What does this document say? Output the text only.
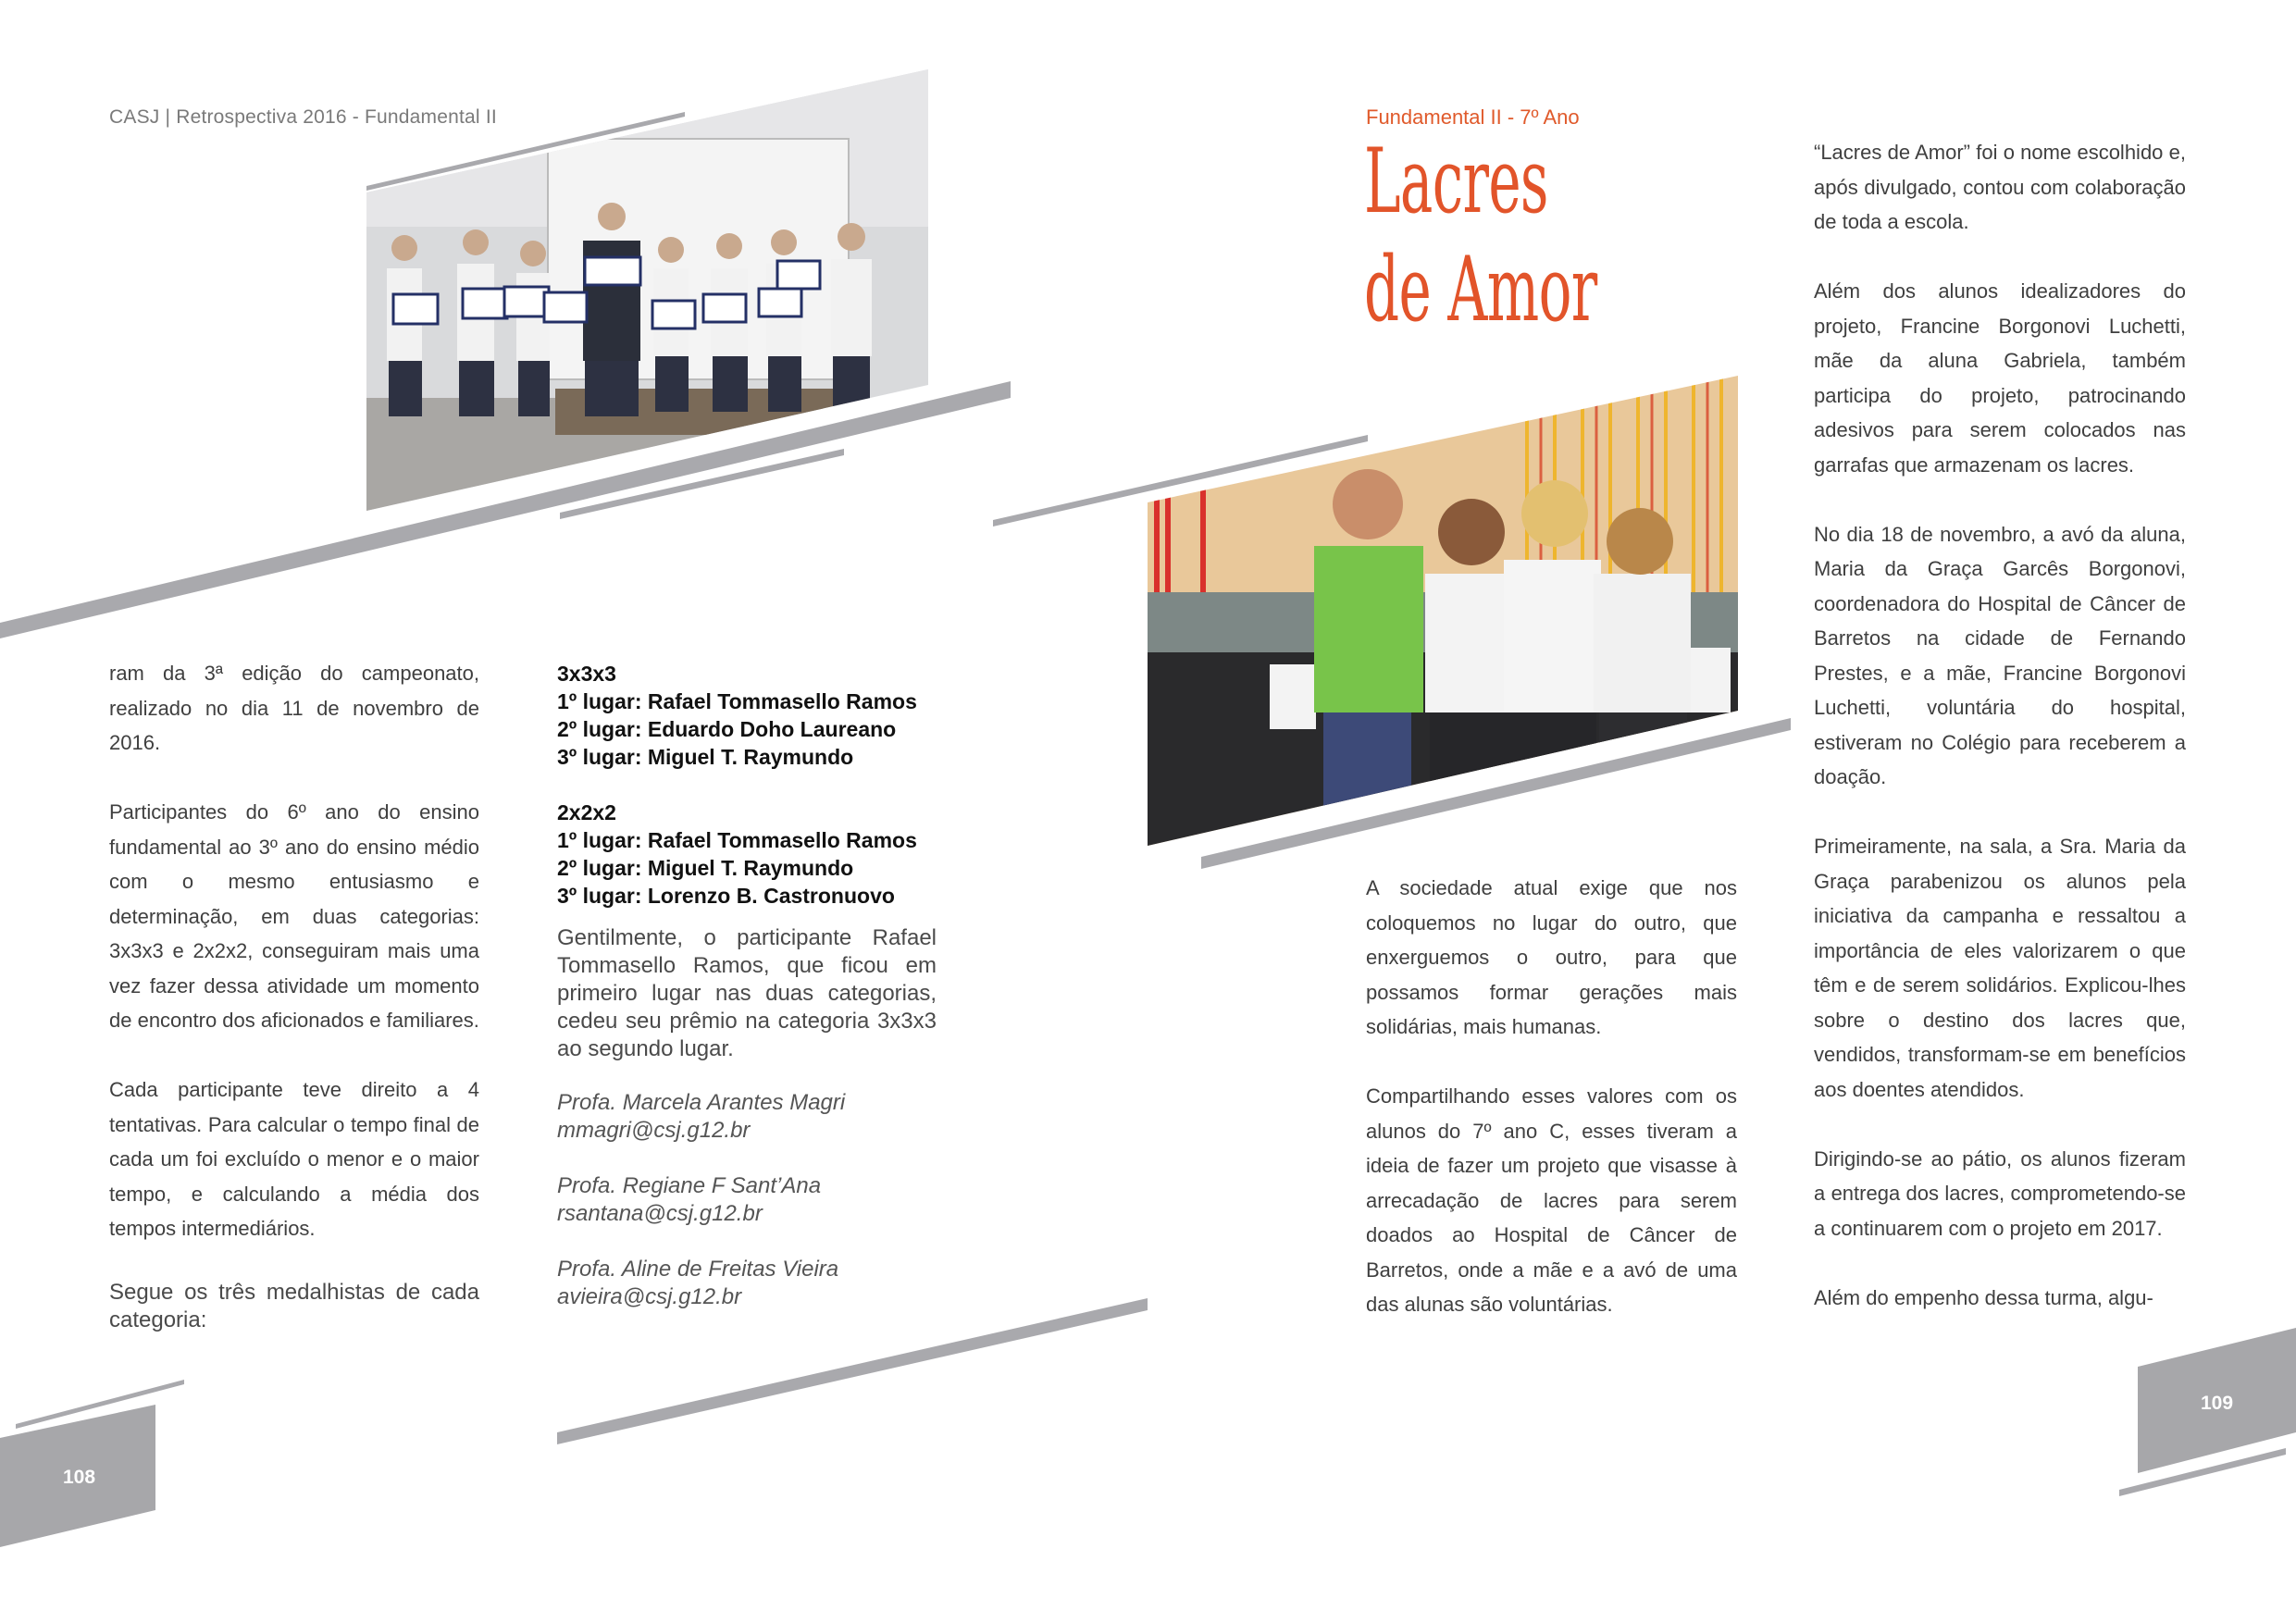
CASJ | Retrospectiva 2016 - Fundamental II

ram da 3ª edição do campeonato, realizado no dia 11 de novembro de 2016.

Participantes do 6º ano do ensino fundamental ao 3º ano do ensino médio com o mesmo entusiasmo e determinação, em duas categorias: 3x3x3 e 2x2x2, conseguiram mais uma vez fazer dessa atividade um momento de encontro dos aficionados e familiares.

Cada participante teve direito a 4 tentativas. Para calcular o tempo final de cada um foi excluído o menor e o maior tempo, e calculando a média dos tempos intermediários.

Segue os três medalhistas de cada categoria:
3x3x3
1º lugar: Rafael Tommasello Ramos
2º lugar: Eduardo Doho Laureano
3º lugar: Miguel T. Raymundo
2x2x2
1º lugar: Rafael Tommasello Ramos
2º lugar: Miguel T. Raymundo
3º lugar: Lorenzo B. Castronuovo
Gentilmente, o participante Rafael Tommasello Ramos, que ficou em primeiro lugar nas duas categorias, cedeu seu prêmio na categoria 3x3x3 ao segundo lugar.
Profa. Marcela Arantes Magri
mmagri@csj.g12.br
Profa. Regiane F Sant’Ana
rsantana@csj.g12.br
Profa. Aline de Freitas Vieira
avieira@csj.g12.br
108
Fundamental II - 7º Ano
Lacres
de Amor

A sociedade atual exige que nos coloquemos no lugar do outro, que enxerguemos o outro, para que possamos formar gerações mais solidárias, mais humanas.

Compartilhando esses valores com os alunos do 7º ano C, esses tiveram a ideia de fazer um projeto que visasse à arrecadação de lacres para serem doados ao Hospital de Câncer de Barretos, onde a mãe e a avó de uma das alunas são voluntárias.

“Lacres de Amor” foi o nome escolhido e, após divulgado, contou com colaboração de toda a escola.

Além dos alunos idealizadores do projeto, Francine Borgonovi Luchetti, mãe da aluna Gabriela, também participa do projeto, patrocinando adesivos para serem colocados nas garrafas que armazenam os lacres.

No dia 18 de novembro, a avó da aluna, Maria da Graça Garcês Borgonovi, coordenadora do Hospital de Câncer de Barretos na cidade de Fernando Prestes, e a mãe, Francine Borgonovi Luchetti, voluntária do hospital, estiveram no Colégio para receberem a doação.

Primeiramente, na sala, a Sra. Maria da Graça parabenizou os alunos pela iniciativa da campanha e ressaltou a importância de eles valorizarem o que têm e de serem solidários. Explicou-lhes sobre o destino dos lacres que, vendidos, transformam-se em benefícios aos doentes atendidos.

Dirigindo-se ao pátio, os alunos fizeram a entrega dos lacres, comprometendo-se a continuarem com o projeto em 2017.

Além do empenho dessa turma, algu-

109
